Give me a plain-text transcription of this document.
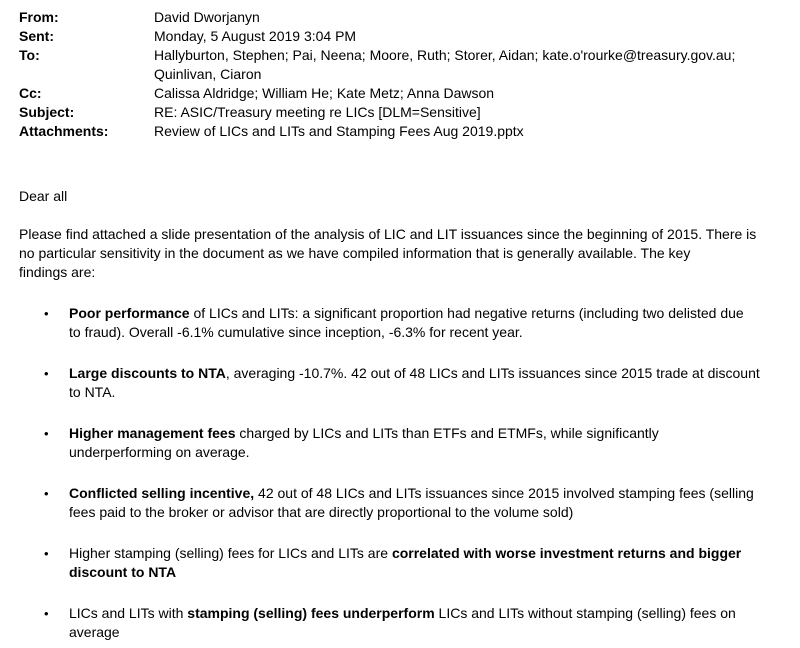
From:	David Dworjanyn
Sent:	Monday, 5 August 2019 3:04 PM
To:	Hallyburton, Stephen; Pai, Neena; Moore, Ruth; Storer, Aidan; kate.o'rourke@treasury.gov.au;
Quinlivan, Ciaron
Cc:	Calissa Aldridge; William He; Kate Metz; Anna Dawson
Subject:	RE: ASIC/Treasury meeting re LICs [DLM=Sensitive]
Attachments:	Review of LICs and LITs and Stamping Fees Aug 2019.pptx
Dear all
Please find attached a slide presentation of the analysis of LIC and LIT issuances since the beginning of 2015. There is
no particular sensitivity in the document as we have compiled information that is generally available. The key
findings are:
• Poor performance of LICs and LITs: a significant proportion had negative returns (including two delisted due
to fraud). Overall -6.1% cumulative since inception, -6.3% for recent year.
• Large discounts to NTA, averaging -10.7%. 42 out of 48 LICs and LITs issuances since 2015 trade at discount
to NTA.
• Higher management fees charged by LICs and LITs than ETFs and ETMFs, while significantly
underperforming on average.
• Conflicted selling incentive, 42 out of 48 LICs and LITs issuances since 2015 involved stamping fees (selling
fees paid to the broker or advisor that are directly proportional to the volume sold)
• Higher stamping (selling) fees for LICs and LITs are correlated with worse investment returns and bigger
discount to NTA
• LICs and LITs with stamping (selling) fees underperform LICs and LITs without stamping (selling) fees on
average
